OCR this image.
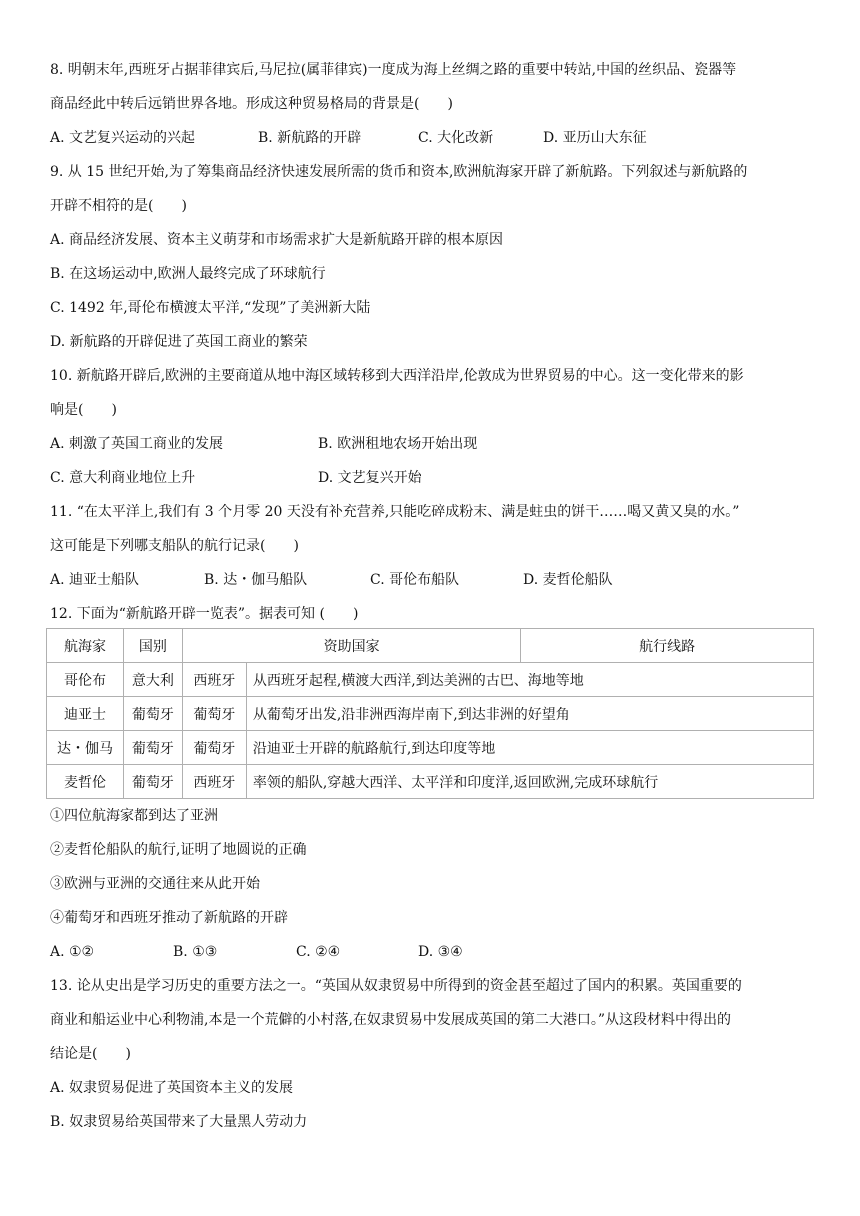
8. 明朝末年,西班牙占据菲律宾后,马尼拉(属菲律宾)一度成为海上丝绸之路的重要中转站,中国的丝织品、瓷器等
商品经此中转后远销世界各地。形成这种贸易格局的背景是(　　)
A. 文艺复兴运动的兴起	B. 新航路的开辟	C. 大化改新	D. 亚历山大东征
9. 从 15 世纪开始,为了筹集商品经济快速发展所需的货币和资本,欧洲航海家开辟了新航路。下列叙述与新航路的
开辟不相符的是(　　)
A. 商品经济发展、资本主义萌芽和市场需求扩大是新航路开辟的根本原因
B. 在这场运动中,欧洲人最终完成了环球航行
C. 1492 年,哥伦布横渡太平洋,“发现”了美洲新大陆
D. 新航路的开辟促进了英国工商业的繁荣
10. 新航路开辟后,欧洲的主要商道从地中海区域转移到大西洋沿岸,伦敦成为世界贸易的中心。这一变化带来的影
响是(　　)
A. 刺激了英国工商业的发展	B. 欧洲租地农场开始出现
C. 意大利商业地位上升	D. 文艺复兴开始
11. “在太平洋上,我们有 3 个月零 20 天没有补充营养,只能吃碎成粉末、满是蛀虫的饼干……喝又黄又臭的水。”
这可能是下列哪支船队的航行记录(　　)
A. 迪亚士船队	B. 达・伽马船队	C. 哥伦布船队	D. 麦哲伦船队
12. 下面为“新航路开辟一览表”。据表可知 (　　)
航海家	国别	资助国家		航行线路
哥伦布	意大利	西班牙	从西班牙起程,横渡大西洋,到达美洲的古巴、海地等地	
迪亚士	葡萄牙	葡萄牙	从葡萄牙出发,沿非洲西海岸南下,到达非洲的好望角	
达・伽马	葡萄牙	葡萄牙	沿迪亚士开辟的航路航行,到达印度等地	
麦哲伦	葡萄牙	西班牙	率领的船队,穿越大西洋、太平洋和印度洋,返回欧洲,完成环球航行	
①四位航海家都到达了亚洲
②麦哲伦船队的航行,证明了地圆说的正确
③欧洲与亚洲的交通往来从此开始
④葡萄牙和西班牙推动了新航路的开辟
A. ①②	B. ①③	C. ②④	D. ③④
13. 论从史出是学习历史的重要方法之一。“英国从奴隶贸易中所得到的资金甚至超过了国内的积累。英国重要的
商业和船运业中心利物浦,本是一个荒僻的小村落,在奴隶贸易中发展成英国的第二大港口。”从这段材料中得出的
结论是(　　)
A. 奴隶贸易促进了英国资本主义的发展
B. 奴隶贸易给英国带来了大量黑人劳动力
